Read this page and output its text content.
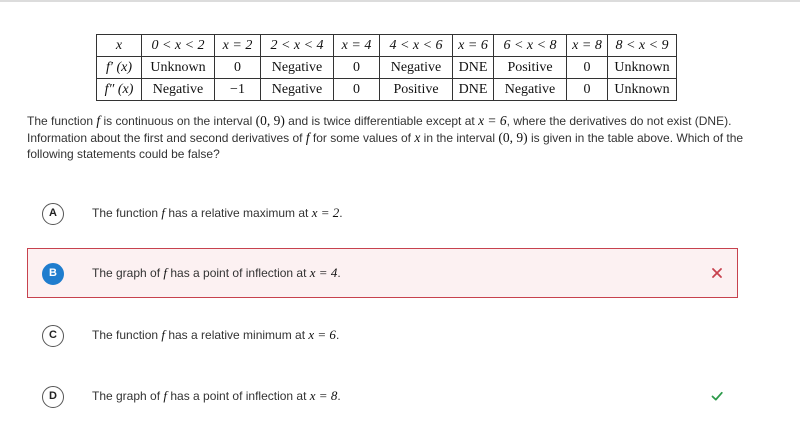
x	0 < x < 2	x = 2	2 < x < 4	x = 4	4 < x < 6	x = 6	6 < x < 8	x = 8	8 < x < 9
f′ (x)	Unknown	0	Negative	0	Negative	DNE	Positive	0	Unknown
f″ (x)	Negative	−1	Negative	0	Positive	DNE	Negative	0	Unknown
The function f is continuous on the interval (0, 9) and is twice differentiable except at x = 6, where the derivatives do not exist (DNE). Information about the first and second derivatives of f for some values of x in the interval (0, 9) is given in the table above. Which of the following statements could be false?
A	The function f has a relative maximum at x = 2.
B	The graph of f has a point of inflection at x = 4.
C	The function f has a relative minimum at x = 6.
D	The graph of f has a point of inflection at x = 8.
